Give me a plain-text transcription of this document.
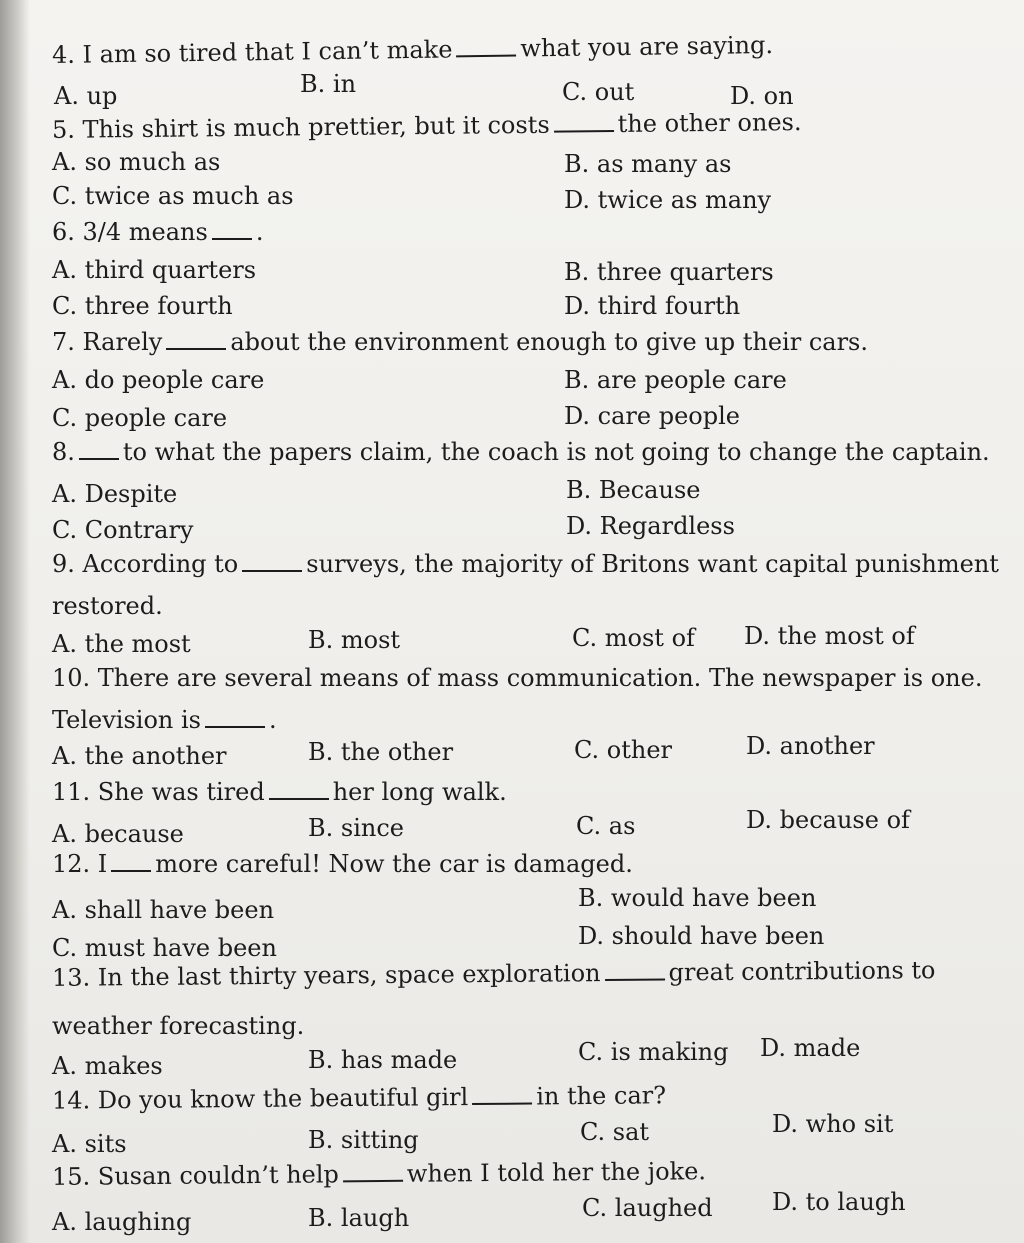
4. I am so tired that I can’t make	what you are saying.
A. up	B. in	C. out	D. on
5. This shirt is much prettier, but it costs	the other ones.
A. so much as	B. as many as
C. twice as much as	D. twice as many
6. 3/4 means .
A. third quarters	B. three quarters
C. three fourth	D. third fourth
7. Rarely	about the environment enough to give up their cars.
A. do people care	B. are people care
C. people care	D. care people
8. to what the papers claim, the coach is not going to change the captain.
A. Despite	B. Because
C. Contrary	D. Regardless
9. According to	surveys, the majority of Britons want capital punishment
restored.
A. the most	B. most	C. most of D. the most of
10. There are several means of mass communication. The newspaper is one.
Television is	.
A. the another	B. the other	C. other	D. another
11. She was tired	her long walk.
A. because	B. since	C. as	D. because of
12. I more careful! Now the car is damaged.
A. shall have been	B. would have been
C. must have been	D. should have been
13. In the last thirty years, space exploration	great contributions to
weather forecasting.
A. makes	B. has made	C. is making D. made
14. Do you know the beautiful girl	in the car?
A. sits	B. sitting	C. sat	D. who sit
15. Susan couldn’t help	when I told her the joke.
A. laughing	B. laugh	C. laughed D. to laugh
